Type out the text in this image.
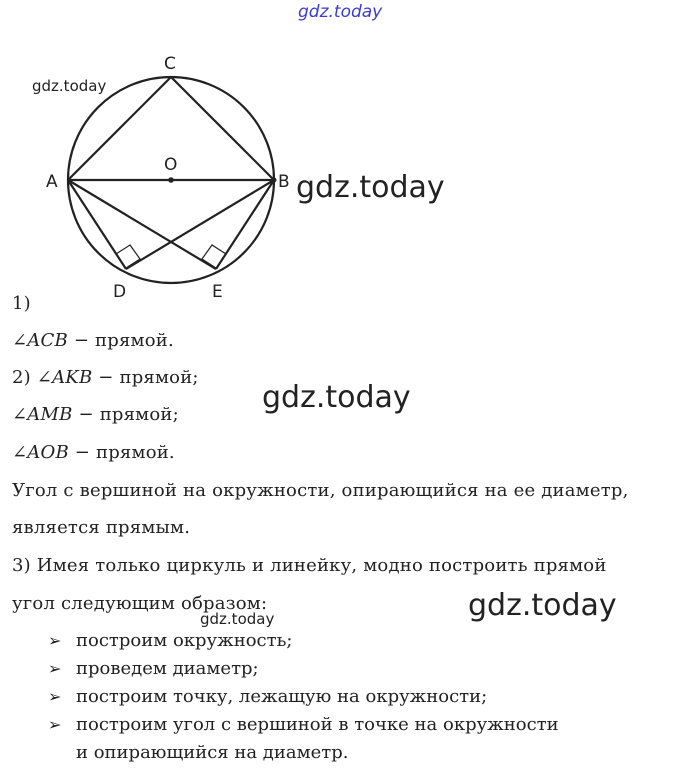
gdz.today
gdz.today
gdz.today
gdz.today
gdz.today
gdz.today
C
O
A	B
D	E
1)
∠ACB − прямой.
2) ∠AKB − прямой;
∠AMB − прямой;
∠AOB − прямой.
Угол с вершиной на окружности, опирающийся на ее диаметр,
является прямым.
3) Имея только циркуль и линейку, модно построить прямой
угол следующим образом:
➢ построим окружность;
➢ проведем диаметр;
➢ построим точку, лежащую на окружности;
➢ построим угол с вершиной в точке на окружности
и опирающийся на диаметр.
